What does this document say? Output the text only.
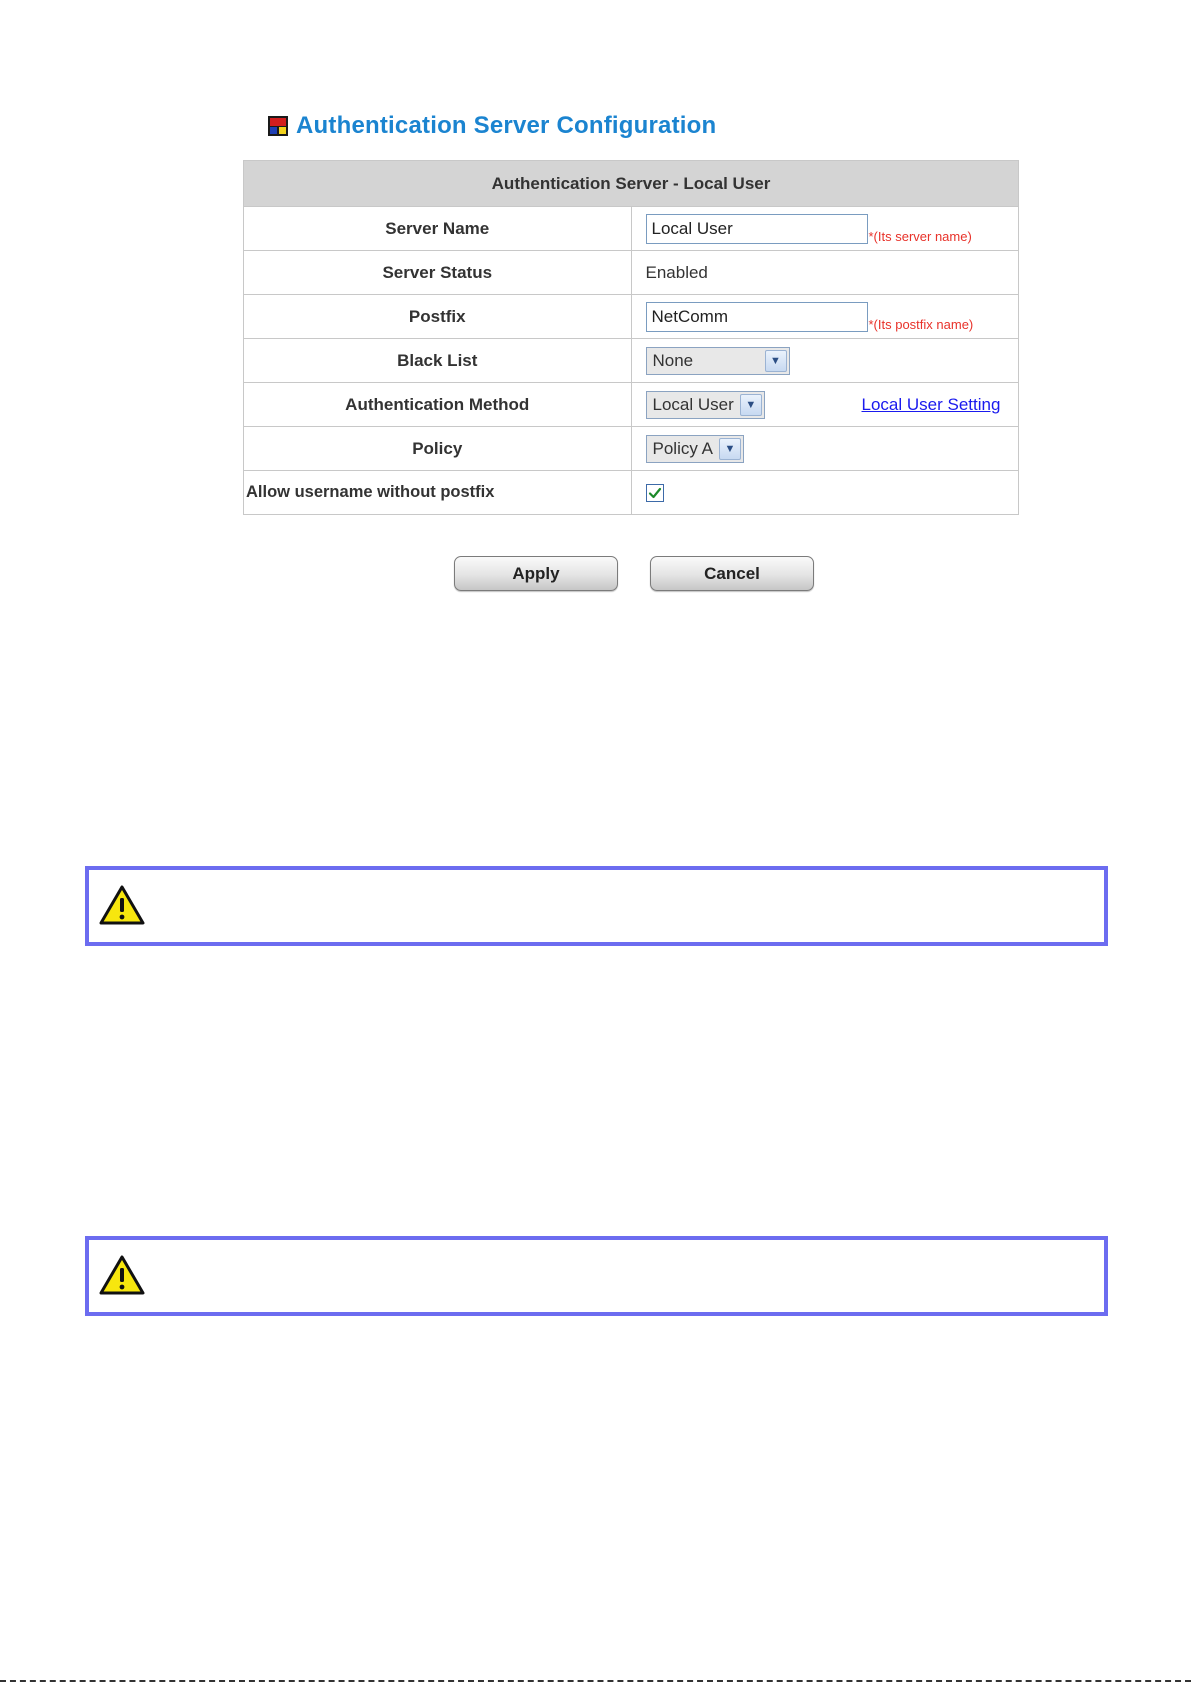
Authentication Server Configuration
Authentication Server - Local User	
Server Name	Local User *(Its server name)
Server Status	Enabled
Postfix	NetComm *(Its postfix name)
Black List	None ▼

Authentication Method	Local User ▼ Local User Setting
Policy	Policy A ▼

Allow username without postfix	
Apply	Cancel
